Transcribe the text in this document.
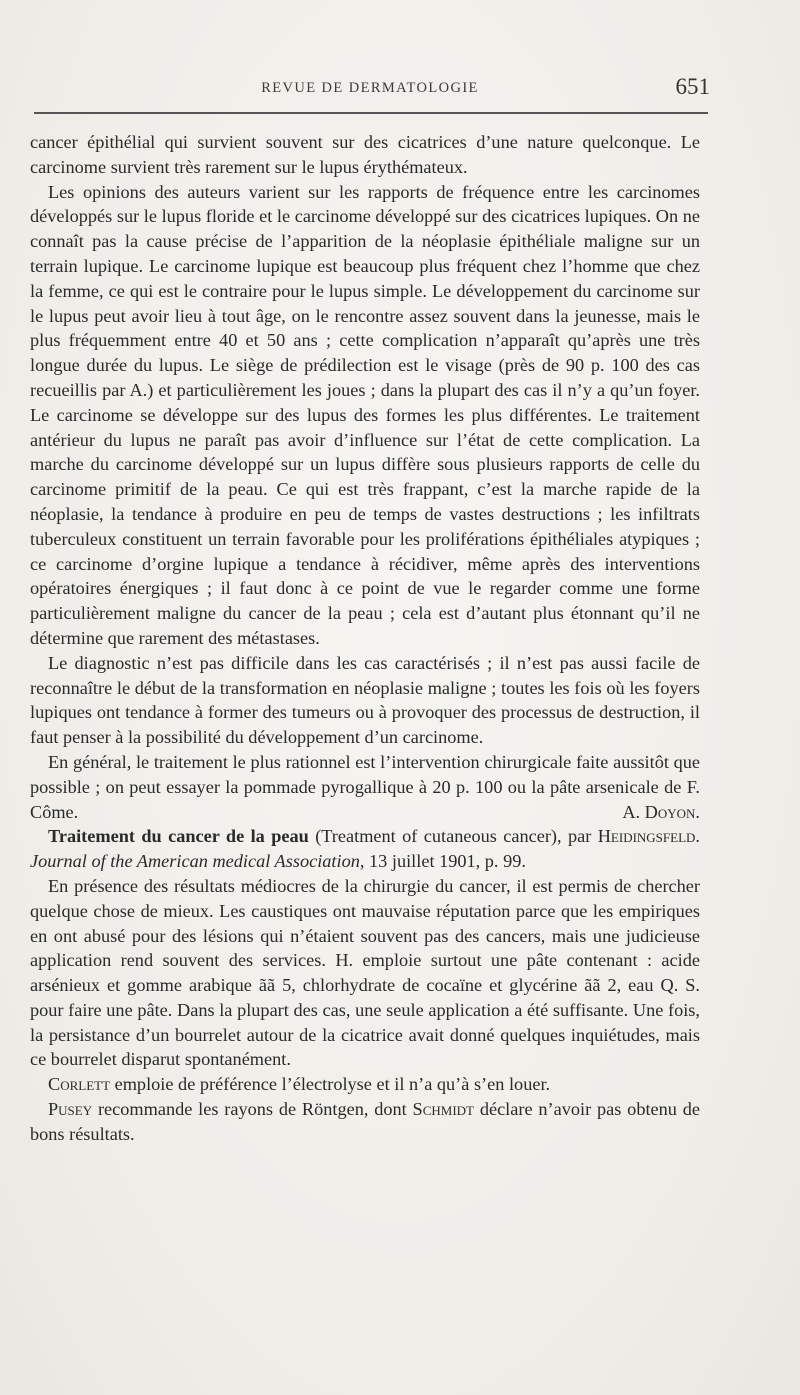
REVUE DE DERMATOLOGIE	651

cancer épithélial qui survient souvent sur des cicatrices d’une nature quelconque. Le carcinome survient très rarement sur le lupus érythémateux.

Les opinions des auteurs varient sur les rapports de fréquence entre les carcinomes développés sur le lupus floride et le carcinome développé sur des cicatrices lupiques. On ne connaît pas la cause précise de l’apparition de la néoplasie épithéliale maligne sur un terrain lupique. Le carcinome lupique est beaucoup plus fréquent chez l’homme que chez la femme, ce qui est le contraire pour le lupus simple. Le développement du carcinome sur le lupus peut avoir lieu à tout âge, on le rencontre assez souvent dans la jeunesse, mais le plus fréquemment entre 40 et 50 ans ; cette complication n’apparaît qu’après une très longue durée du lupus. Le siège de prédilection est le visage (près de 90 p. 100 des cas recueillis par A.) et particulièrement les joues ; dans la plupart des cas il n’y a qu’un foyer. Le carcinome se développe sur des lupus des formes les plus différentes. Le traitement antérieur du lupus ne paraît pas avoir d’influence sur l’état de cette complication. La marche du carcinome développé sur un lupus diffère sous plusieurs rapports de celle du carcinome primitif de la peau. Ce qui est très frappant, c’est la marche rapide de la néoplasie, la tendance à produire en peu de temps de vastes destructions ; les infiltrats tuberculeux constituent un terrain favorable pour les proliférations épithéliales atypiques ; ce carcinome d’orgine lupique a tendance à récidiver, même après des interventions opératoires énergiques ; il faut donc à ce point de vue le regarder comme une forme particulièrement maligne du cancer de la peau ; cela est d’autant plus étonnant qu’il ne détermine que rarement des métastases.

Le diagnostic n’est pas difficile dans les cas caractérisés ; il n’est pas aussi facile de reconnaître le début de la transformation en néoplasie maligne ; toutes les fois où les foyers lupiques ont tendance à former des tumeurs ou à provoquer des processus de destruction, il faut penser à la possibilité du développement d’un carcinome.

En général, le traitement le plus rationnel est l’intervention chirurgicale faite aussitôt que possible ; on peut essayer la pommade pyrogallique à 20 p. 100 ou la pâte arsenicale de F. Côme.	A. Doyon.

Traitement du cancer de la peau (Treatment of cutaneous cancer), par Heidingsfeld. Journal of the American medical Association, 13 juillet 1901, p. 99.

En présence des résultats médiocres de la chirurgie du cancer, il est permis de chercher quelque chose de mieux. Les caustiques ont mauvaise réputation parce que les empiriques en ont abusé pour des lésions qui n’étaient souvent pas des cancers, mais une judicieuse application rend souvent des services. H. emploie surtout une pâte contenant : acide arsénieux et gomme arabique ãã 5, chlorhydrate de cocaïne et glycérine ãã 2, eau Q. S. pour faire une pâte. Dans la plupart des cas, une seule application a été suffisante. Une fois, la persistance d’un bourrelet autour de la cicatrice avait donné quelques inquiétudes, mais ce bourrelet disparut spontanément.

Corlett emploie de préférence l’électrolyse et il n’a qu’à s’en louer.

Pusey recommande les rayons de Röntgen, dont Schmidt déclare n’avoir pas obtenu de bons résultats.
